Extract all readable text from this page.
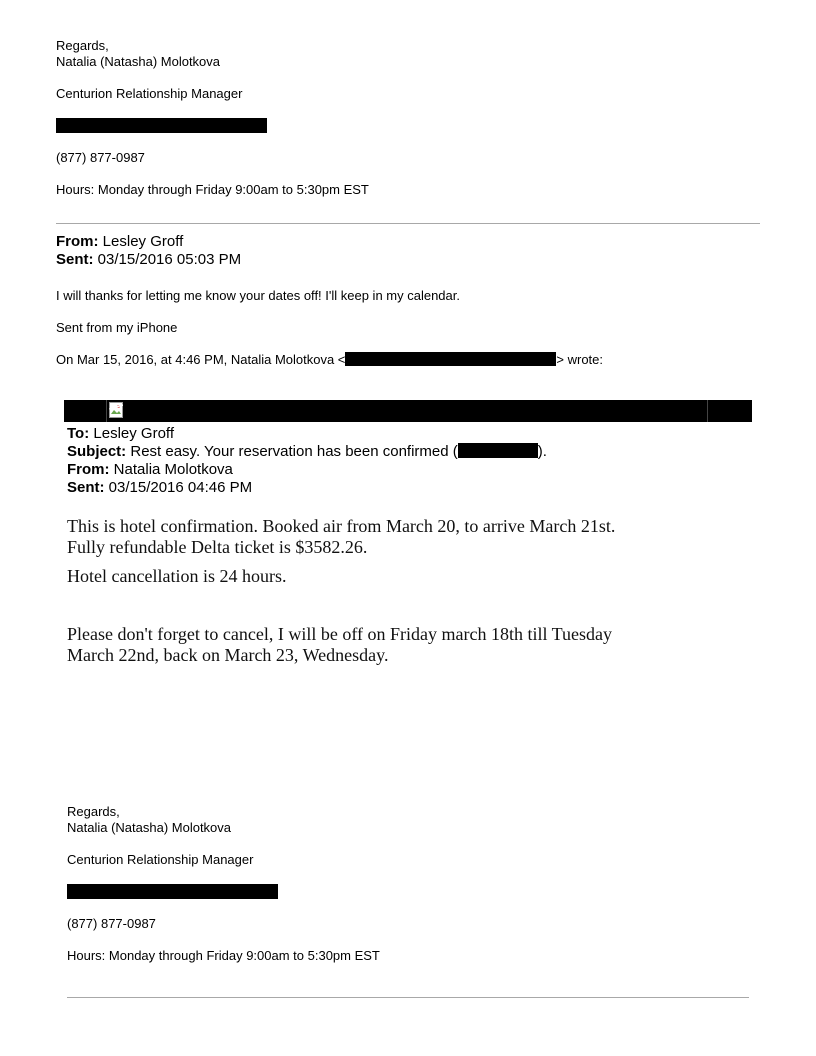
Regards,
Natalia (Natasha) Molotkova
Centurion Relationship Manager
(877) 877-0987
Hours: Monday through Friday 9:00am to 5:30pm EST
From: Lesley Groff
Sent: 03/15/2016 05:03 PM
I will thanks for letting me know your dates off! I'll keep in my calendar.
Sent from my iPhone
On Mar 15, 2016, at 4:46 PM, Natalia Molotkova <	> wrote:
To: Lesley Groff
Subject: Rest easy. Your reservation has been confirmed (	).
From: Natalia Molotkova
Sent: 03/15/2016 04:46 PM
This is hotel confirmation. Booked air from March 20, to arrive March 21st.
Fully refundable Delta ticket is $3582.26.
Hotel cancellation is 24 hours.
Please don't forget to cancel, I will be off on Friday march 18th till Tuesday
March 22nd, back on March 23, Wednesday.
Regards,
Natalia (Natasha) Molotkova
Centurion Relationship Manager
(877) 877-0987
Hours: Monday through Friday 9:00am to 5:30pm EST
